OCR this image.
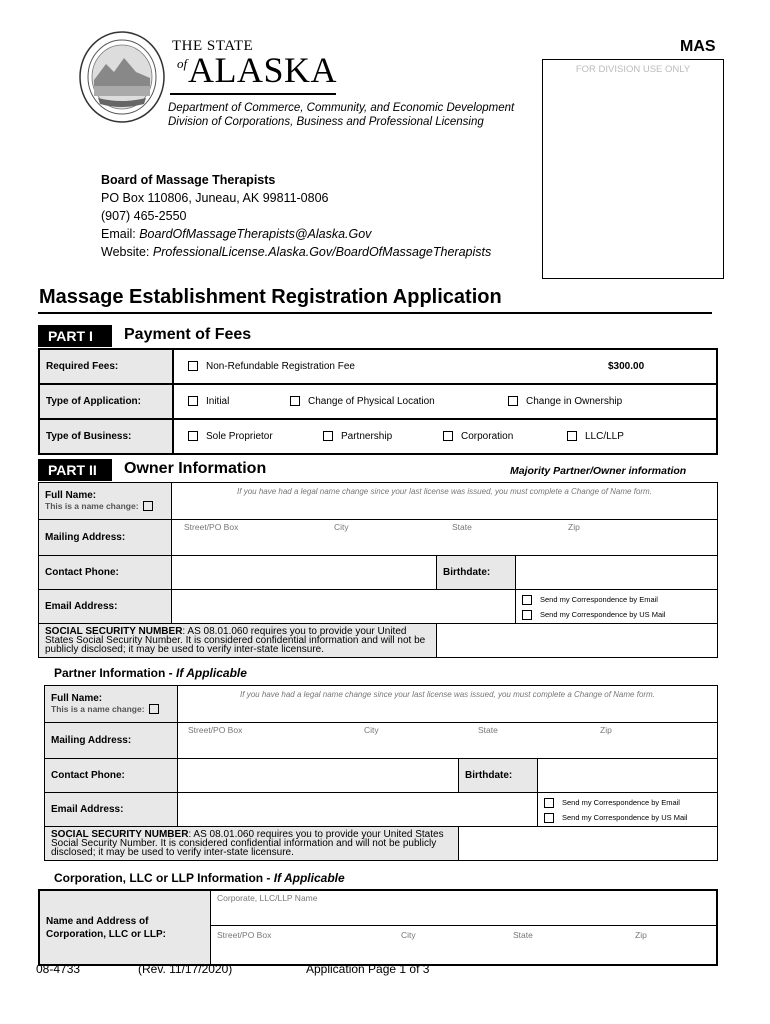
THE STATE
of ALASKA
Department of Commerce, Community, and Economic Development
Division of Corporations, Business and Professional Licensing
MAS
FOR DIVISION USE ONLY
Board of Massage Therapists
PO Box 110806, Juneau, AK 99811-0806
(907) 465-2550
Email: BoardOfMassageTherapists@Alaska.Gov
Website: ProfessionalLicense.Alaska.Gov/BoardOfMassageTherapists
Massage Establishment Registration Application
PART I	Payment of Fees
Required Fees:	Non-Refundable Registration Fee $300.00
Type of Application:	Initial Change of Physical Location Change in Ownership
Type of Business:	Sole Proprietor Partnership Corporation LLC/LLP
PART II	Owner Information	Majority Partner/Owner information
Full Name:
This is a name change:	If you have had a legal name change since your last license was issued, you must complete a Change of Name form.		
Mailing Address:	Street/PO Box City State Zip		
Contact Phone:		Birthdate:	
Email Address:			Send my Correspondence by Email
Send my Correspondence by US Mail

SOCIAL SECURITY NUMBER: AS 08.01.060 requires you to provide your United States Social Security Number. It is considered confidential information and will not be publicly disclosed; it may be used to verify inter-state licensure.			
Partner Information - If Applicable
Full Name:
This is a name change:	If you have had a legal name change since your last license was issued, you must complete a Change of Name form.		
Mailing Address:	Street/PO Box City State Zip		
Contact Phone:		Birthdate:	
Email Address:			Send my Correspondence by Email
Send my Correspondence by US Mail

SOCIAL SECURITY NUMBER: AS 08.01.060 requires you to provide your United States Social Security Number. It is considered confidential information and will not be publicly disclosed; it may be used to verify inter-state licensure.			
Corporation, LLC or LLP Information - If Applicable
Name and Address of
Corporation, LLC or LLP:
	Corporate, LLC/LLP Name
Street/PO Box	City	State	Zip
08-4733	(Rev. 11/17/2020)	Application Page 1 of 3
